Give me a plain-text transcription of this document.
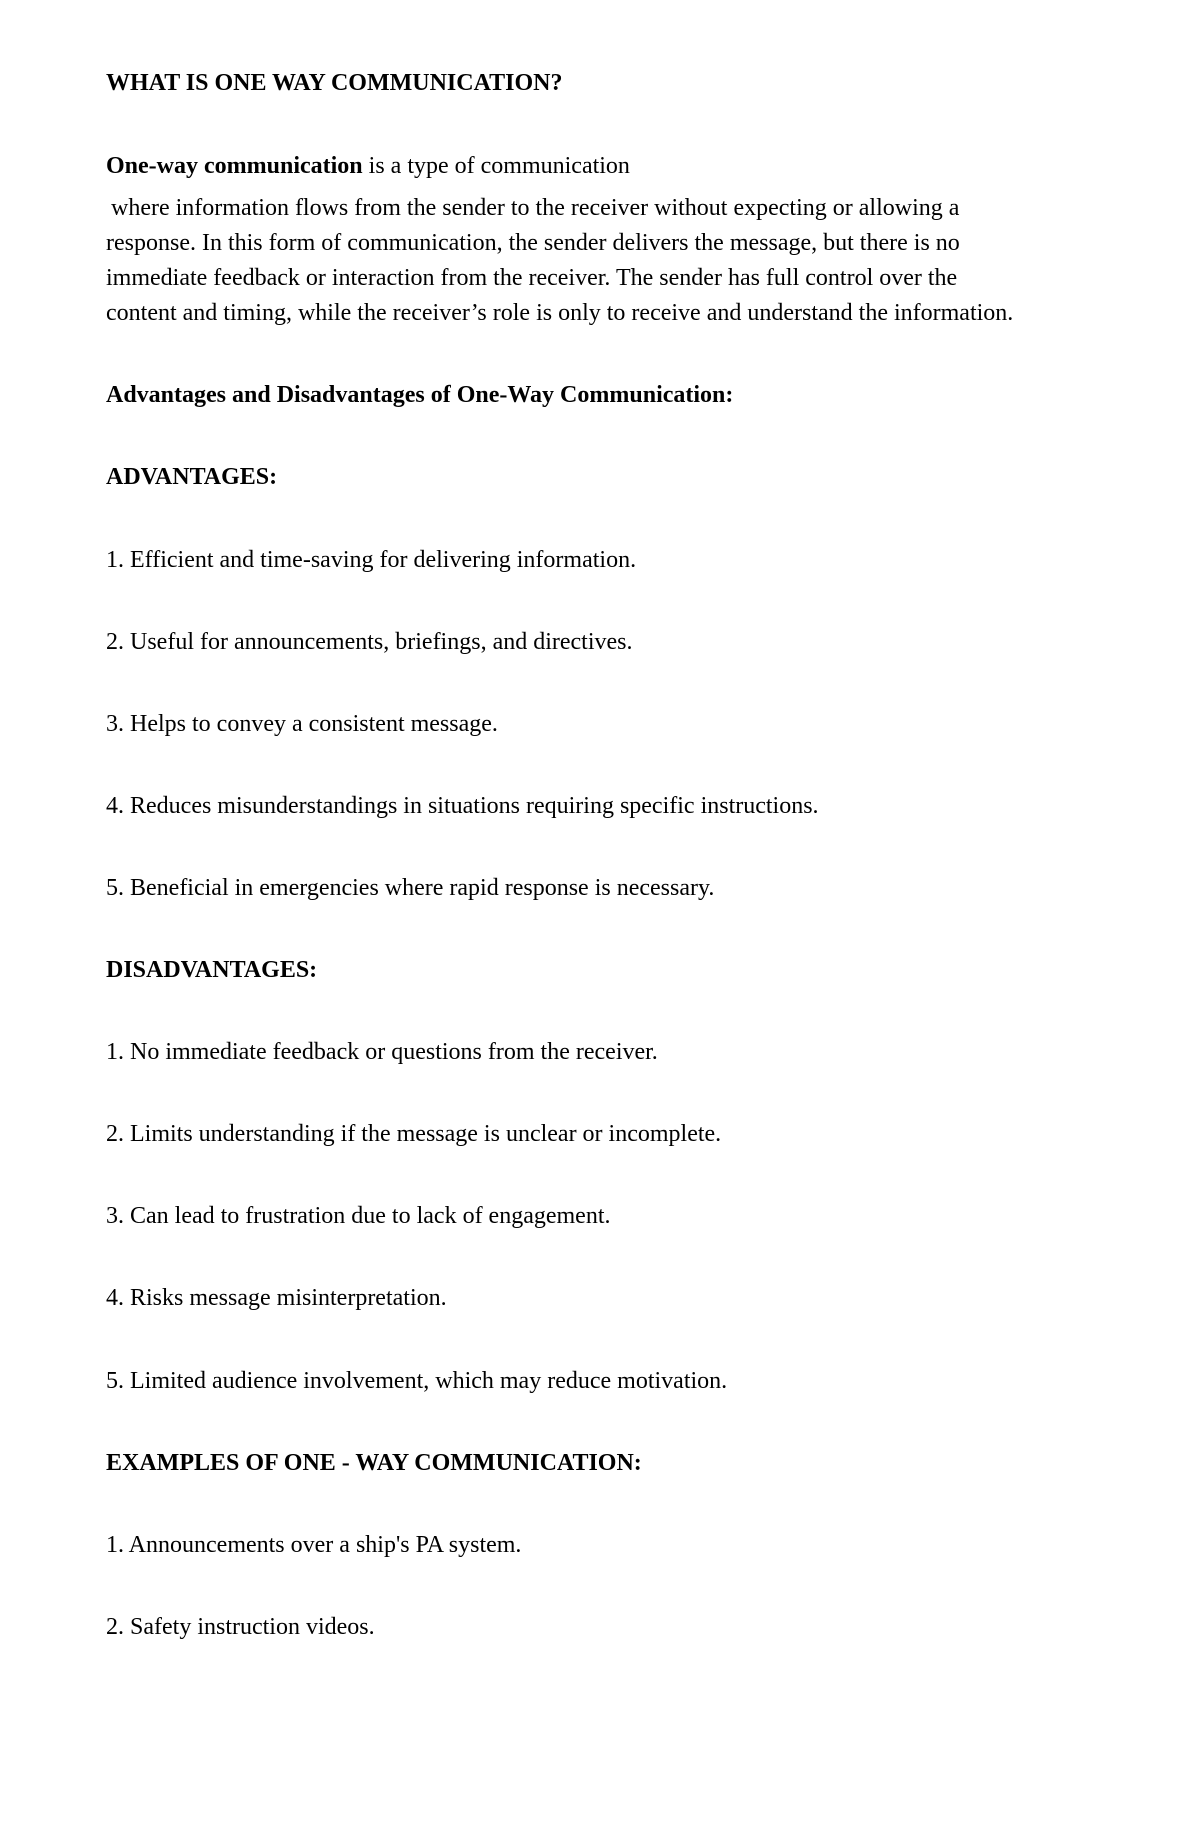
WHAT IS ONE WAY COMMUNICATION?

One-way communication is a type of communication

where information flows from the sender to the receiver without expecting or allowing a

response. In this form of communication, the sender delivers the message, but there is no

immediate feedback or interaction from the receiver. The sender has full control over the

content and timing, while the receiver’s role is only to receive and understand the information.

Advantages and Disadvantages of One-Way Communication:

ADVANTAGES:

1. Efficient and time-saving for delivering information.

2. Useful for announcements, briefings, and directives.

3. Helps to convey a consistent message.

4. Reduces misunderstandings in situations requiring specific instructions.

5. Beneficial in emergencies where rapid response is necessary.

DISADVANTAGES:

1. No immediate feedback or questions from the receiver.

2. Limits understanding if the message is unclear or incomplete.

3. Can lead to frustration due to lack of engagement.

4. Risks message misinterpretation.

5. Limited audience involvement, which may reduce motivation.

EXAMPLES OF ONE - WAY COMMUNICATION:

1. Announcements over a ship's PA system.

2. Safety instruction videos.
